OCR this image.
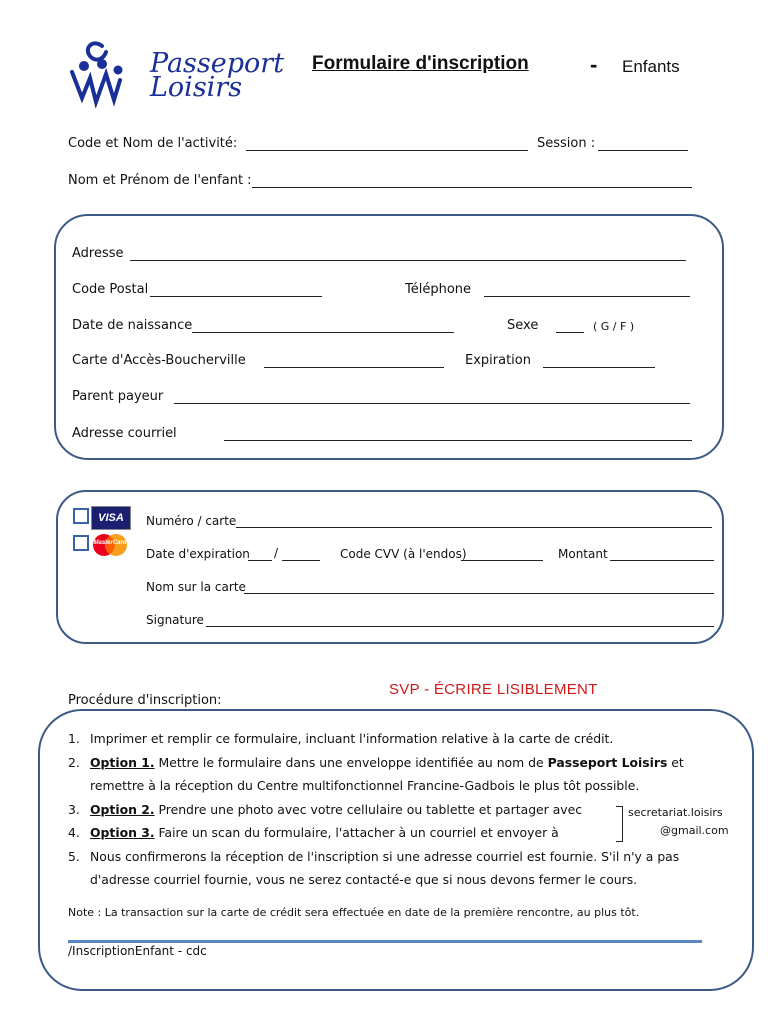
Passeport
Loisirs
Formulaire d'inscription	- Enfants
Code et Nom de l'activité:	Session :
Nom et Prénom de l'enfant :
Adresse
Code Postal	Téléphone
Date de naissance	Sexe	( G / F )
Carte d'Accès-Boucherville	Expiration
Parent payeur
Adresse courriel
VISA
MasterCard
Numéro / carte
Date d'expiration /	Code CVV (à l'endos)	Montant
Nom sur la carte
Signature
SVP - ÉCRIRE LISIBLEMENT
Procédure d'inscription:
1. Imprimer et remplir ce formulaire, incluant l'information relative à la carte de crédit.
2. Option 1. Mettre le formulaire dans une enveloppe identifiée au nom de Passeport Loisirs et
remettre à la réception du Centre multifonctionnel Francine-Gadbois le plus tôt possible.
3. Option 2. Prendre une photo avec votre cellulaire ou tablette et partager avec
4. Option 3. Faire un scan du formulaire, l'attacher à un courriel et envoyer à
5. Nous confirmerons la réception de l'inscription si une adresse courriel est fournie. S'il n'y a pas
d'adresse courriel fournie, vous ne serez contacté-e que si nous devons fermer le cours.
secretariat.loisirs
@gmail.com
Note : La transaction sur la carte de crédit sera effectuée en date de la première rencontre, au plus tôt.
/InscriptionEnfant - cdc
